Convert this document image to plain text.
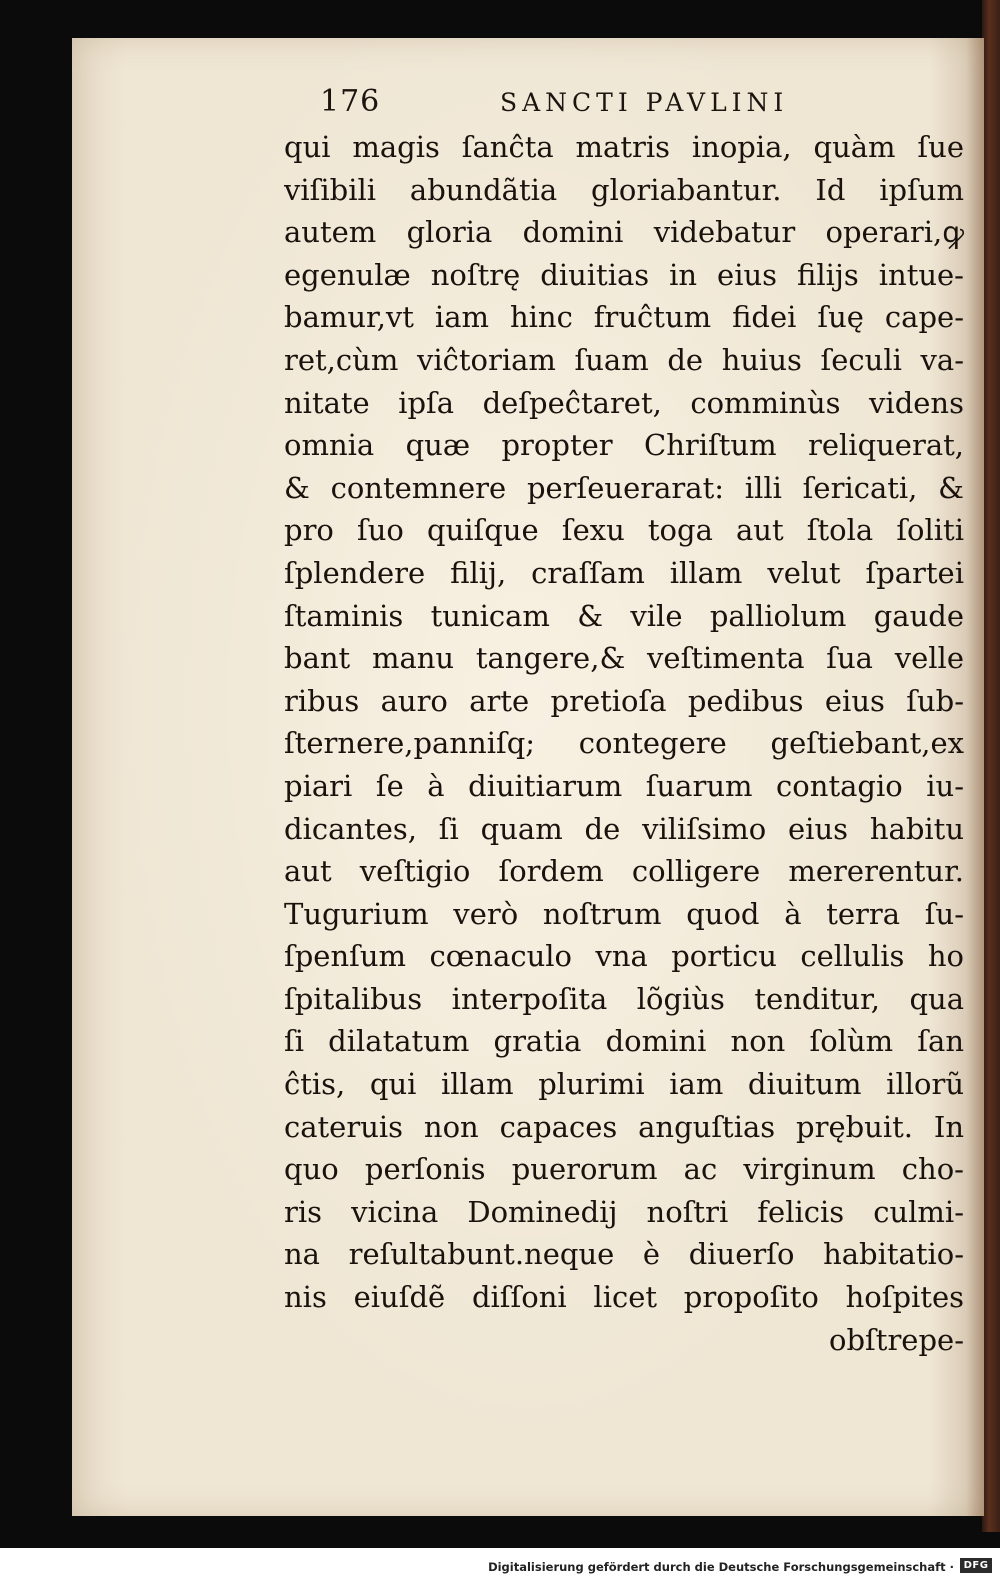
176	SANCTI PAVLINI
qui magis ſanĉta matris inopia, quàm ſue
viſibili abundãtia gloriabantur. Id ipſum
autem gloria domini videbatur operari,ꝙ
egenulæ noſtrę diuitias in eius filijs intue-
bamur,vt iam hinc fruĉtum fidei ſuę cape-
ret,cùm viĉtoriam ſuam de huius ſeculi va-
nitate ipſa deſpeĉtaret, comminùs videns
omnia quæ propter Chriſtum reliquerat,
& contemnere perſeuerarat: illi ſericati, &
pro ſuo quiſque ſexu toga aut ſtola ſoliti
ſplendere filij, craſſam illam velut ſpartei
ſtaminis tunicam & vile palliolum gaude
bant manu tangere,& veſtimenta ſua velle
ribus auro arte pretioſa pedibus eius ſub-
ſternere,panniſq; contegere geſtiebant,ex
piari ſe à diuitiarum ſuarum contagio iu-
dicantes, ſi quam de viliſsimo eius habitu
aut veſtigio ſordem colligere mererentur.
Tugurium verò noſtrum quod à terra ſu-
ſpenſum cœnaculo vna porticu cellulis ho
ſpitalibus interpoſita lõgiùs tenditur, qua
ſi dilatatum gratia domini non ſolùm ſan
ĉtis, qui illam plurimi iam diuitum illorũ
cateruis non capaces anguſtias prębuit. In
quo perſonis puerorum ac virginum cho-
ris vicina Dominedij noſtri felicis culmi-
na reſultabunt.neque è diuerſo habitatio-
nis eiuſdẽ diſſoni licet propoſito hoſpites
obſtrepe-
Digitalisierung gefördert durch die Deutsche Forschungsgemeinschaft · DFG
